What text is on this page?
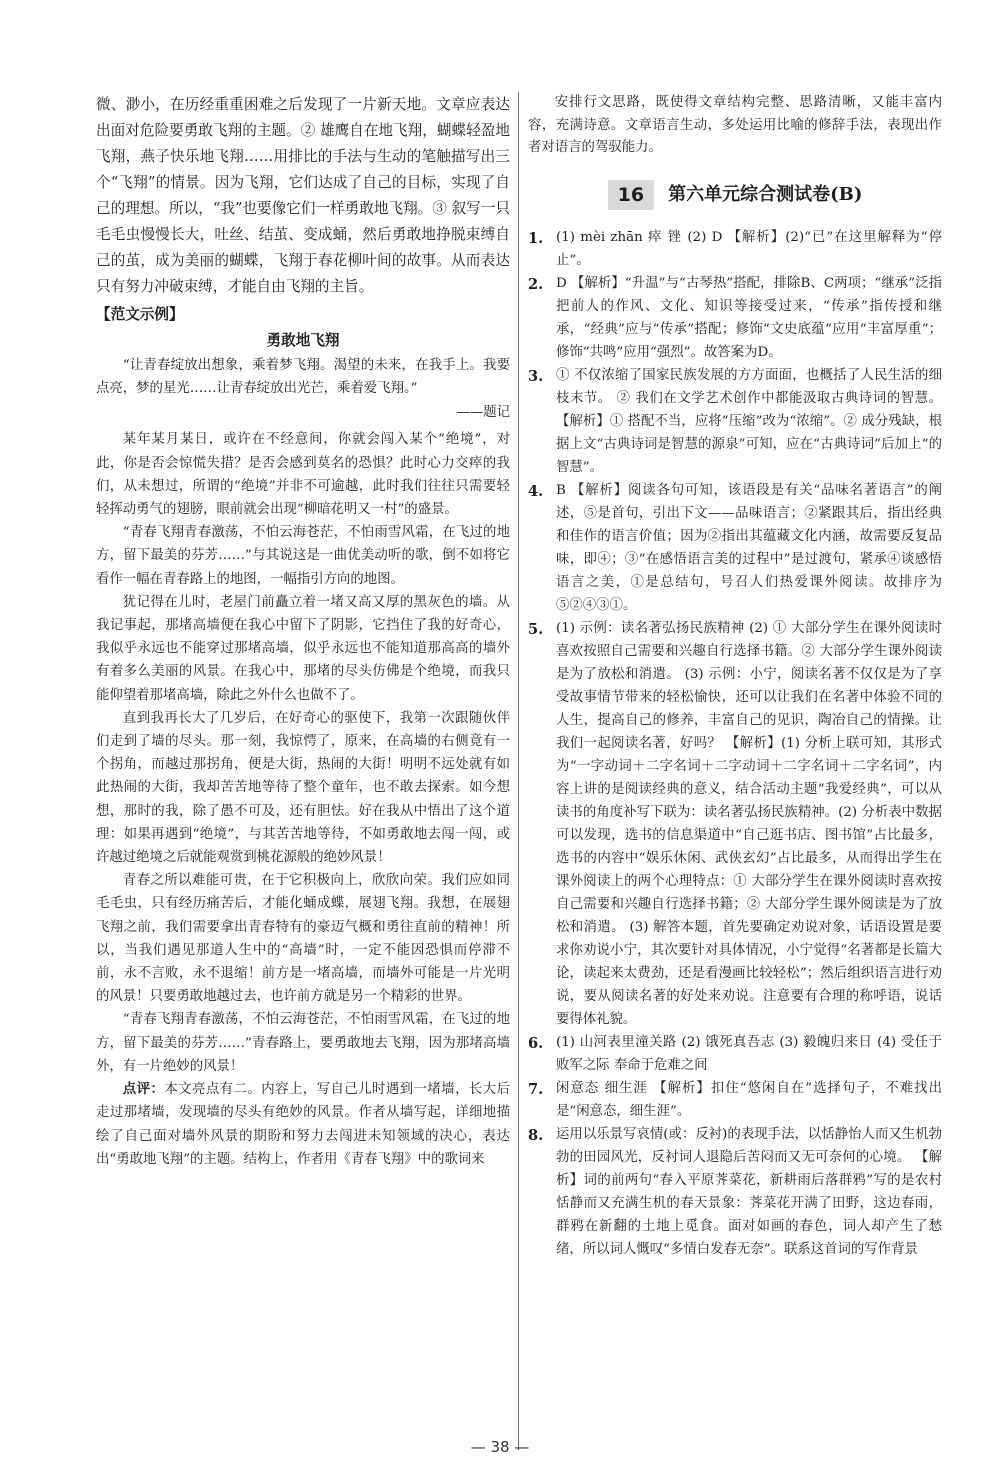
微、渺小，在历经重重困难之后发现了一片新天地。文章应表达出面对危险要勇敢飞翔的主题。② 雄鹰自在地飞翔，蝴蝶轻盈地飞翔，燕子快乐地飞翔……用排比的手法与生动的笔触描写出三个“飞翔”的情景。因为飞翔，它们达成了自己的目标，实现了自己的理想。所以，“我”也要像它们一样勇敢地飞翔。③ 叙写一只毛毛虫慢慢长大，吐丝、结茧、变成蛹，然后勇敢地挣脱束缚自己的茧，成为美丽的蝴蝶，飞翔于春花柳叶间的故事。从而表达只有努力冲破束缚，才能自由飞翔的主旨。

【范文示例】
勇敢地飞翔

“让青春绽放出想象，乘着梦飞翔。渴望的未来，在我手上。我要点亮，梦的星光……让青春绽放出光芒，乘着爱飞翔。”

——题记

某年某月某日，或许在不经意间，你就会闯入某个“绝境”，对此，你是否会惊慌失措？是否会感到莫名的恐惧？此时心力交瘁的我们，从未想过，所谓的“绝境”并非不可逾越，此时我们往往只需要轻轻挥动勇气的翅膀，眼前就会出现“柳暗花明又一村”的盛景。

“青春飞翔青春激荡，不怕云海苍茫，不怕雨雪风霜，在飞过的地方，留下最美的芬芳……”与其说这是一曲优美动听的歌，倒不如将它看作一幅在青春路上的地图，一幅指引方向的地图。

犹记得在儿时，老屋门前矗立着一堵又高又厚的黑灰色的墙。从我记事起，那堵高墙便在我心中留下了阴影，它挡住了我的好奇心，我似乎永远也不能穿过那堵高墙，似乎永远也不能知道那高高的墙外有着多么美丽的风景。在我心中，那堵的尽头仿佛是个绝境，而我只能仰望着那堵高墙，除此之外什么也做不了。

直到我再长大了几岁后，在好奇心的驱使下，我第一次跟随伙伴们走到了墙的尽头。那一刻，我惊愕了，原来，在高墙的右侧竟有一个拐角，而越过那拐角，便是大街，热闹的大街！明明不远处就有如此热闹的大街，我却苦苦地等待了整个童年，也不敢去探索。如今想想，那时的我，除了愚不可及，还有胆怯。好在我从中悟出了这个道理：如果再遇到“绝境”，与其苦苦地等待，不如勇敢地去闯一闯，或许越过绝境之后就能观赏到桃花源般的绝妙风景！

青春之所以难能可贵，在于它积极向上，欣欣向荣。我们应如同毛毛虫，只有经历痛苦后，才能化蛹成蝶，展翅飞翔。我想，在展翅飞翔之前，我们需要拿出青春特有的豪迈气概和勇往直前的精神！所以，当我们遇见那道人生中的“高墙”时，一定不能因恐惧而停滞不前，永不言败，永不退缩！前方是一堵高墙，而墙外可能是一片光明的风景！只要勇敢地越过去，也许前方就是另一个精彩的世界。

“青春飞翔青春激荡，不怕云海苍茫，不怕雨雪风霜，在飞过的地方，留下最美的芬芳……”青春路上，要勇敢地去飞翔，因为那堵高墙外，有一片绝妙的风景！

点评：本文亮点有二。内容上，写自己儿时遇到一堵墙，长大后走过那堵墙，发现墙的尽头有绝妙的风景。作者从墙写起，详细地描绘了自己面对墙外风景的期盼和努力去闯进未知领域的决心，表达出“勇敢地飞翔”的主题。结构上，作者用《青春飞翔》中的歌词来

安排行文思路，既使得文章结构完整、思路清晰，又能丰富内容，充满诗意。文章语言生动，多处运用比喻的修辞手法，表现出作者对语言的驾驭能力。

16	第六单元综合测试卷(B)
1. (1) mèi zhān 瘁 锉 (2) D 【解析】(2)“已”在这里解释为“停止”。

2. D 【解析】“升温”与“古琴热”搭配，排除B、C两项；“继承”泛指把前人的作风、文化、知识等接受过来，“传承”指传授和继承，“经典”应与“传承”搭配；修饰“文史底蕴”应用“丰富厚重”；修饰“共鸣”应用“强烈”。故答案为D。

3. ① 不仅浓缩了国家民族发展的方方面面，也概括了人民生活的细枝末节。 ② 我们在文学艺术创作中都能汲取古典诗词的智慧。【解析】① 搭配不当，应将“压缩”改为“浓缩”。② 成分残缺，根据上文“古典诗词是智慧的源泉”可知，应在“古典诗词”后加上“的智慧”。

4. B 【解析】阅读各句可知，该语段是有关“品味名著语言”的阐述，⑤是首句，引出下文——品味语言；②紧跟其后，指出经典和佳作的语言价值；因为②指出其蕴藏文化内涵，故需要反复品味，即④；③“在感悟语言美的过程中”是过渡句，紧承④谈感悟语言之美，①是总结句，号召人们热爱课外阅读。故排序为⑤②④③①。

5. (1) 示例：读名著弘扬民族精神 (2) ① 大部分学生在课外阅读时喜欢按照自己需要和兴趣自行选择书籍。② 大部分学生课外阅读是为了放松和消遣。 (3) 示例：小宁，阅读名著不仅仅是为了享受故事情节带来的轻松愉快，还可以让我们在名著中体验不同的人生，提高自己的修养，丰富自己的见识，陶冶自己的情操。让我们一起阅读名著，好吗？ 【解析】(1) 分析上联可知，其形式为“一字动词＋二字名词＋二字动词＋二字名词＋二字名词”，内容上讲的是阅读经典的意义，结合活动主题“我爱经典”，可以从读书的角度补写下联为：读名著弘扬民族精神。(2) 分析表中数据可以发现，选书的信息渠道中“自己逛书店、图书馆”占比最多，选书的内容中“娱乐休闲、武侠玄幻”占比最多，从而得出学生在课外阅读上的两个心理特点：① 大部分学生在课外阅读时喜欢按自己需要和兴趣自行选择书籍；② 大部分学生课外阅读是为了放松和消遣。 (3) 解答本题，首先要确定劝说对象，话语设置是要求你劝说小宁，其次要针对具体情况，小宁觉得“名著都是长篇大论，读起来太费劲，还是看漫画比较轻松”；然后组织语言进行劝说，要从阅读名著的好处来劝说。注意要有合理的称呼语，说话要得体礼貌。

6. (1) 山河表里潼关路 (2) 饿死真吾志 (3) 毅魄归来日 (4) 受任于败军之际 奉命于危难之间

7. 闲意态 细生涯 【解析】扣住“悠闲自在”选择句子，不难找出是“闲意态，细生涯”。

8. 运用以乐景写哀情(或：反衬)的表现手法，以恬静怡人而又生机勃勃的田园风光，反衬词人退隐后苦闷而又无可奈何的心境。 【解析】词的前两句“春入平原荠菜花，新耕雨后落群鸦”写的是农村恬静而又充满生机的春天景象：荠菜花开满了田野，这边春雨，群鸦在新翻的土地上觅食。面对如画的春色，词人却产生了愁绪，所以词人慨叹“多情白发春无奈”。联系这首词的写作背景

— 38 —
